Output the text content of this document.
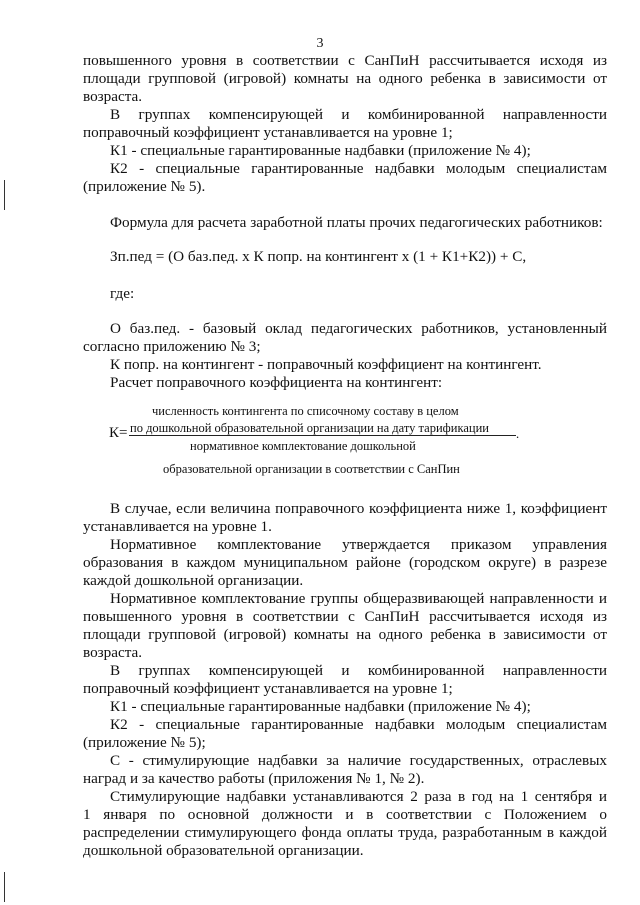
3
повышенного уровня в соответствии с СанПиН рассчитывается исходя из
площади групповой (игровой) комнаты на одного ребенка в зависимости от
возраста.
В группах компенсирующей и комбинированной направленности
поправочный коэффициент устанавливается на уровне 1;
К1 - специальные гарантированные надбавки (приложение № 4);
К2 - специальные гарантированные надбавки молодым специалистам
(приложение № 5).
Формула для расчета заработной платы прочих педагогических работников:
Зп.пед = (О баз.пед. х К попр. на контингент х (1 + К1+К2)) + С,
где:
О баз.пед. - базовый оклад педагогических работников, установленный
согласно приложению № 3;
К попр. на контингент - поправочный коэффициент на контингент.
Расчет поправочного коэффициента на контингент:
численность контингента по списочному составу в целом
К= по дошкольной образовательной организации на дату тарификации .
нормативное комплектование дошкольной
образовательной организации в соответствии с СанПин
В случае, если величина поправочного коэффициента ниже 1, коэффициент
устанавливается на уровне 1.
Нормативное комплектование утверждается приказом управления
образования в каждом муниципальном районе (городском округе) в разрезе
каждой дошкольной организации.
Нормативное комплектование группы общеразвивающей направленности и
повышенного уровня в соответствии с СанПиН рассчитывается исходя из
площади групповой (игровой) комнаты на одного ребенка в зависимости от
возраста.
В группах компенсирующей и комбинированной направленности
поправочный коэффициент устанавливается на уровне 1;
К1 - специальные гарантированные надбавки (приложение № 4);
К2 - специальные гарантированные надбавки молодым специалистам
(приложение № 5);
С - стимулирующие надбавки за наличие государственных, отраслевых
наград и за качество работы (приложения № 1, № 2).
Стимулирующие надбавки устанавливаются 2 раза в год на 1 сентября и
1 января по основной должности и в соответствии с Положением о
распределении стимулирующего фонда оплаты труда, разработанным в каждой
дошкольной образовательной организации.
